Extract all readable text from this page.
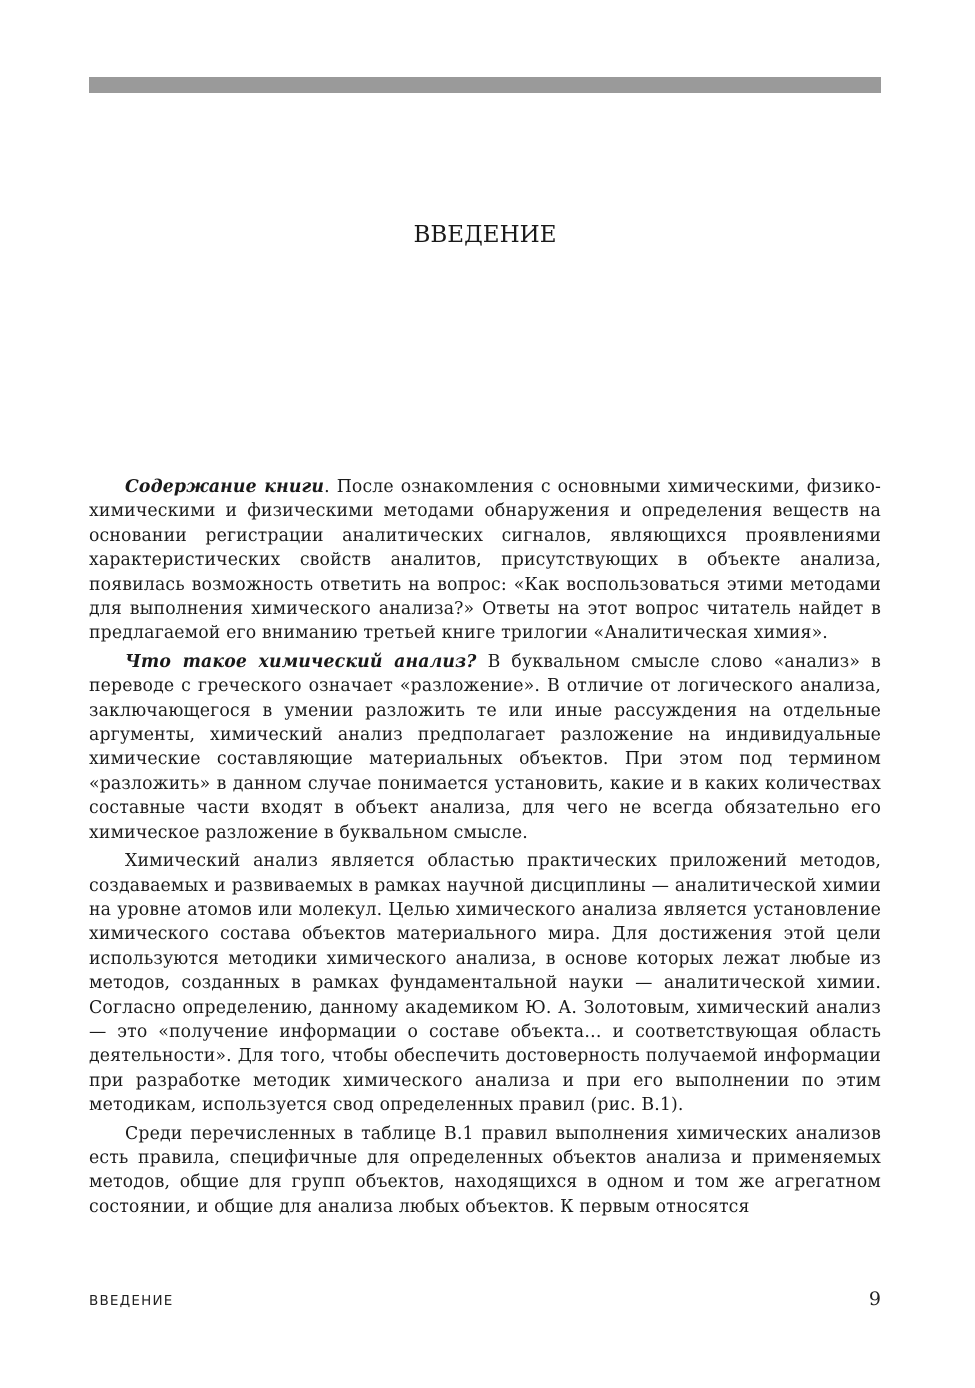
ВВЕДЕНИЕ

Содержание книги. После ознакомления с основными химическими, физико-химическими и физическими методами обнаружения и определения веществ на основании регистрации аналитических сигналов, являющихся проявлениями характеристических свойств аналитов, присутствующих в объекте анализа, появилась возможность ответить на вопрос: «Как воспользоваться этими методами для выполнения химического анализа?» Ответы на этот вопрос читатель найдет в предлагаемой его вниманию третьей книге трилогии «Аналитическая химия».

Что такое химический анализ? В буквальном смысле слово «анализ» в переводе с греческого означает «разложение». В отличие от логического анализа, заключающегося в умении разложить те или иные рассуждения на отдельные аргументы, химический анализ предполагает разложение на индивидуальные химические составляющие материальных объектов. При этом под термином «разложить» в данном случае понимается установить, какие и в каких количествах составные части входят в объект анализа, для чего не всегда обязательно его химическое разложение в буквальном смысле.

Химический анализ является областью практических приложений методов, создаваемых и развиваемых в рамках научной дисциплины — аналитической химии на уровне атомов или молекул. Целью химического анализа является установление химического состава объектов материального мира. Для достижения этой цели используются методики химического анализа, в основе которых лежат любые из методов, созданных в рамках фундаментальной науки — аналитической химии. Согласно определению, данному академиком Ю. А. Золотовым, химический анализ — это «получение информации о составе объекта… и соответствующая область деятельности». Для того, чтобы обеспечить достоверность получаемой информации при разработке методик химического анализа и при его выполнении по этим методикам, используется свод определенных правил (рис. В.1).

Среди перечисленных в таблице В.1 правил выполнения химических анализов есть правила, специфичные для определенных объектов анализа и применяемых методов, общие для групп объектов, находящихся в одном и том же агрегатном состоянии, и общие для анализа любых объектов. К первым относятся

ВВЕДЕНИЕ	9
